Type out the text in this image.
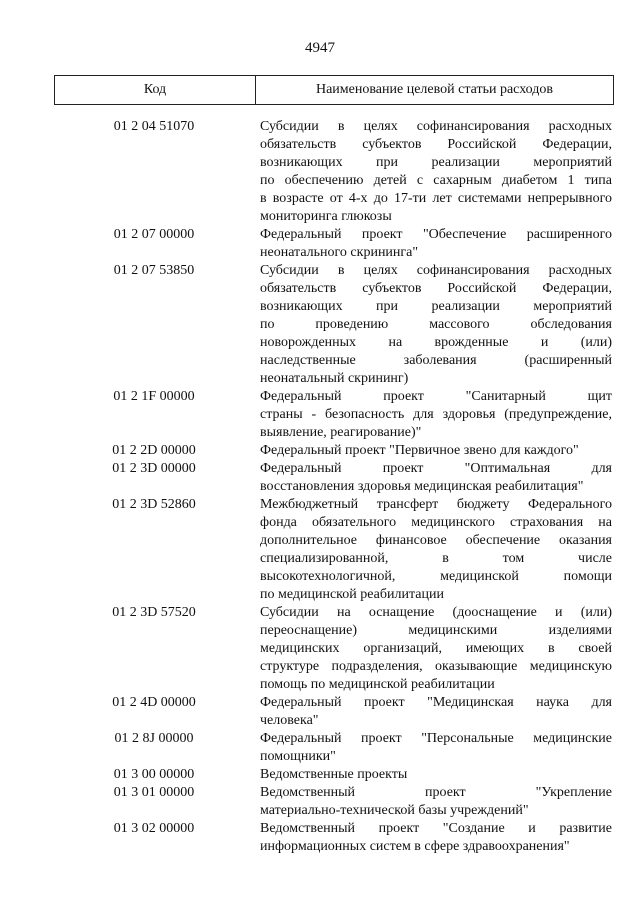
4947
Код	Наименование целевой статьи расходов
01 2 04 51070	Субсидии в целях софинансирования расходных
обязательств субъектов Российской Федерации,
возникающих при реализации мероприятий
по обеспечению детей с сахарным диабетом 1 типа
в возрасте от 4-х до 17-ти лет системами непрерывного
мониторинга глюкозы
01 2 07 00000	Федеральный проект "Обеспечение расширенного
неонатального скрининга"
01 2 07 53850	Субсидии в целях софинансирования расходных
обязательств субъектов Российской Федерации,
возникающих при реализации мероприятий
по проведению массового обследования
новорожденных на врожденные и (или)
наследственные заболевания (расширенный
неонатальный скрининг)
01 2 1F 00000	Федеральный проект "Санитарный щит
страны - безопасность для здоровья (предупреждение,
выявление, реагирование)"
01 2 2D 00000	Федеральный проект "Первичное звено для каждого"
01 2 3D 00000	Федеральный проект "Оптимальная для
восстановления здоровья медицинская реабилитация"
01 2 3D 52860	Межбюджетный трансферт бюджету Федерального
фонда обязательного медицинского страхования на
дополнительное финансовое обеспечение оказания
специализированной, в том числе
высокотехнологичной, медицинской помощи
по медицинской реабилитации
01 2 3D 57520	Субсидии на оснащение (дооснащение и (или)
переоснащение) медицинскими изделиями
медицинских организаций, имеющих в своей
структуре подразделения, оказывающие медицинскую
помощь по медицинской реабилитации
01 2 4D 00000	Федеральный проект "Медицинская наука для
человека"
01 2 8J 00000	Федеральный проект "Персональные медицинские
помощники"
01 3 00 00000	Ведомственные проекты
01 3 01 00000	Ведомственный проект "Укрепление
материально-технической базы учреждений"
01 3 02 00000	Ведомственный проект "Создание и развитие
информационных систем в сфере здравоохранения"
